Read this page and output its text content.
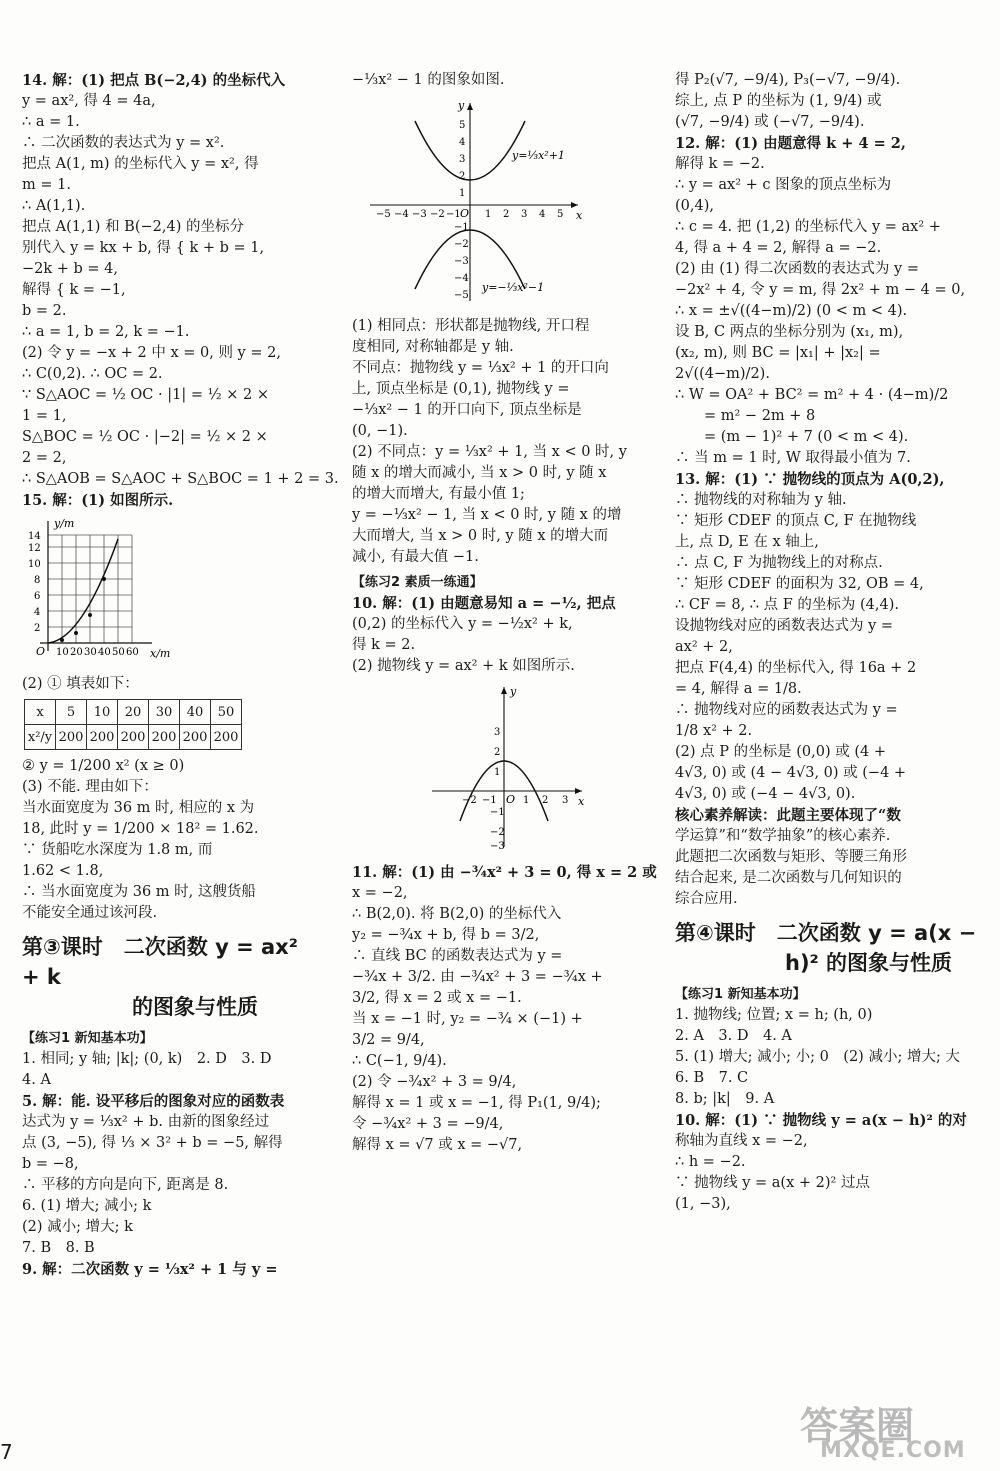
14. 解：(1) 把点 B(−2,4) 的坐标代入
y = ax², 得 4 = 4a,
∴ a = 1.
∴ 二次函数的表达式为 y = x².
把点 A(1, m) 的坐标代入 y = x², 得
m = 1.
∴ A(1,1).
把点 A(1,1) 和 B(−2,4) 的坐标分
别代入 y = kx + b, 得 { k + b = 1,
−2k + b = 4,
解得 { k = −1,
b = 2.
∴ a = 1, b = 2, k = −1.
(2) 令 y = −x + 2 中 x = 0, 则 y = 2,
∴ C(0,2). ∴ OC = 2.
∵ S△AOC = ½ OC · |1| = ½ × 2 ×
1 = 1,
S△BOC = ½ OC · |−2| = ½ × 2 ×
2 = 2,
∴ S△AOB = S△AOC + S△BOC = 1 + 2 = 3.
15. 解：(1) 如图所示.
y/m
x/m
O 10 20 30 40 50 60
14
12
10
8
6
4
2
(2) ① 填表如下：
x	5	10	20	30	40	50
x²/y	200	200	200	200	200	200
② y = 1/200 x² (x ≥ 0)
(3) 不能. 理由如下：
当水面宽度为 36 m 时, 相应的 x 为
18, 此时 y = 1/200 × 18² = 1.62.
∵ 货船吃水深度为 1.8 m, 而
1.62 < 1.8,
∴ 当水面宽度为 36 m 时, 这艘货船
不能安全通过该河段.
第③课时　二次函数 y = ax² + k
的图象与性质
【练习1 新知基本功】
1. 相同; y 轴; |k|; (0, k)　2. D　3. D
4. A
5. 解：能. 设平移后的图象对应的函数表
达式为 y = ⅓x² + b. 由新的图象经过
点 (3, −5), 得 ⅓ × 3² + b = −5, 解得
b = −8,
∴ 平移的方向是向下, 距离是 8.
6. (1) 增大; 减小; k
(2) 减小; 增大; k
7. B　8. B
9. 解：二次函数 y = ⅓x² + 1 与 y =
−⅓x² − 1 的图象如图.
y
x
O
−5 −4 −3 −2 −1 1 2 3 4 5
5
4
3
2
1
−1
−2
−3
−4
−5
y=⅓x²+1
y=−⅓x²−1
(1) 相同点：形状都是抛物线, 开口程
度相同, 对称轴都是 y 轴.
不同点：抛物线 y = ⅓x² + 1 的开口向
上, 顶点坐标是 (0,1), 抛物线 y =
−⅓x² − 1 的开口向下, 顶点坐标是
(0, −1).
(2) 不同点：y = ⅓x² + 1, 当 x < 0 时, y
随 x 的增大而减小, 当 x > 0 时, y 随 x
的增大而增大, 有最小值 1;
y = −⅓x² − 1, 当 x < 0 时, y 随 x 的增
大而增大, 当 x > 0 时, y 随 x 的增大而
减小, 有最大值 −1.
【练习2 素质一练通】
10. 解：(1) 由题意易知 a = −½, 把点
(0,2) 的坐标代入 y = −½x² + k,
得 k = 2.
(2) 抛物线 y = ax² + k 如图所示.
y
x
O
−2 −1	1 2 3
3
2
1
−1
−2
−3
11. 解：(1) 由 −¾x² + 3 = 0, 得 x = 2 或
x = −2,
∴ B(2,0). 将 B(2,0) 的坐标代入
y₂ = −¾x + b, 得 b = 3/2,
∴ 直线 BC 的函数表达式为 y =
−¾x + 3/2. 由 −¾x² + 3 = −¾x +
3/2, 得 x = 2 或 x = −1.
当 x = −1 时, y₂ = −¾ × (−1) +
3/2 = 9/4,
∴ C(−1, 9/4).
(2) 令 −¾x² + 3 = 9/4,
解得 x = 1 或 x = −1, 得 P₁(1, 9/4);
令 −¾x² + 3 = −9/4,
解得 x = √7 或 x = −√7,
得 P₂(√7, −9/4), P₃(−√7, −9/4).
综上, 点 P 的坐标为 (1, 9/4) 或
(√7, −9/4) 或 (−√7, −9/4).
12. 解：(1) 由题意得 k + 4 = 2,
解得 k = −2.
∴ y = ax² + c 图象的顶点坐标为
(0,4),
∴ c = 4. 把 (1,2) 的坐标代入 y = ax² +
4, 得 a + 4 = 2, 解得 a = −2.
(2) 由 (1) 得二次函数的表达式为 y =
−2x² + 4, 令 y = m, 得 2x² + m − 4 = 0,
∴ x = ±√((4−m)/2) (0 < m < 4).
设 B, C 两点的坐标分别为 (x₁, m),
(x₂, m), 则 BC = |x₁| + |x₂| =
2√((4−m)/2).
∴ W = OA² + BC² = m² + 4 · (4−m)/2
　　= m² − 2m + 8
　　= (m − 1)² + 7 (0 < m < 4).
∴ 当 m = 1 时, W 取得最小值为 7.
13. 解：(1) ∵ 抛物线的顶点为 A(0,2),
∴ 抛物线的对称轴为 y 轴.
∵ 矩形 CDEF 的顶点 C, F 在抛物线
上, 点 D, E 在 x 轴上,
∴ 点 C, F 为抛物线上的对称点.
∵ 矩形 CDEF 的面积为 32, OB = 4,
∴ CF = 8, ∴ 点 F 的坐标为 (4,4).
设抛物线对应的函数表达式为 y =
ax² + 2,
把点 F(4,4) 的坐标代入, 得 16a + 2
= 4, 解得 a = 1/8.
∴ 抛物线对应的函数表达式为 y =
1/8 x² + 2.
(2) 点 P 的坐标是 (0,0) 或 (4 +
4√3, 0) 或 (4 − 4√3, 0) 或 (−4 +
4√3, 0) 或 (−4 − 4√3, 0).
核心素养解读：此题主要体现了“数
学运算”和“数学抽象”的核心素养.
此题把二次函数与矩形、等腰三角形
结合起来, 是二次函数与几何知识的
综合应用.
第④课时　二次函数 y = a(x −
h)² 的图象与性质
【练习1 新知基本功】
1. 抛物线; 位置; x = h; (h, 0)
2. A　3. D　4. A
5. (1) 增大; 减小; 小; 0　(2) 减小; 增大; 大
6. B　7. C
8. b; |k|　9. A
10. 解：(1) ∵ 抛物线 y = a(x − h)² 的对
称轴为直线 x = −2,
∴ h = −2.
∵ 抛物线 y = a(x + 2)² 过点
(1, −3),
7
答案圈
MXQE.COM
